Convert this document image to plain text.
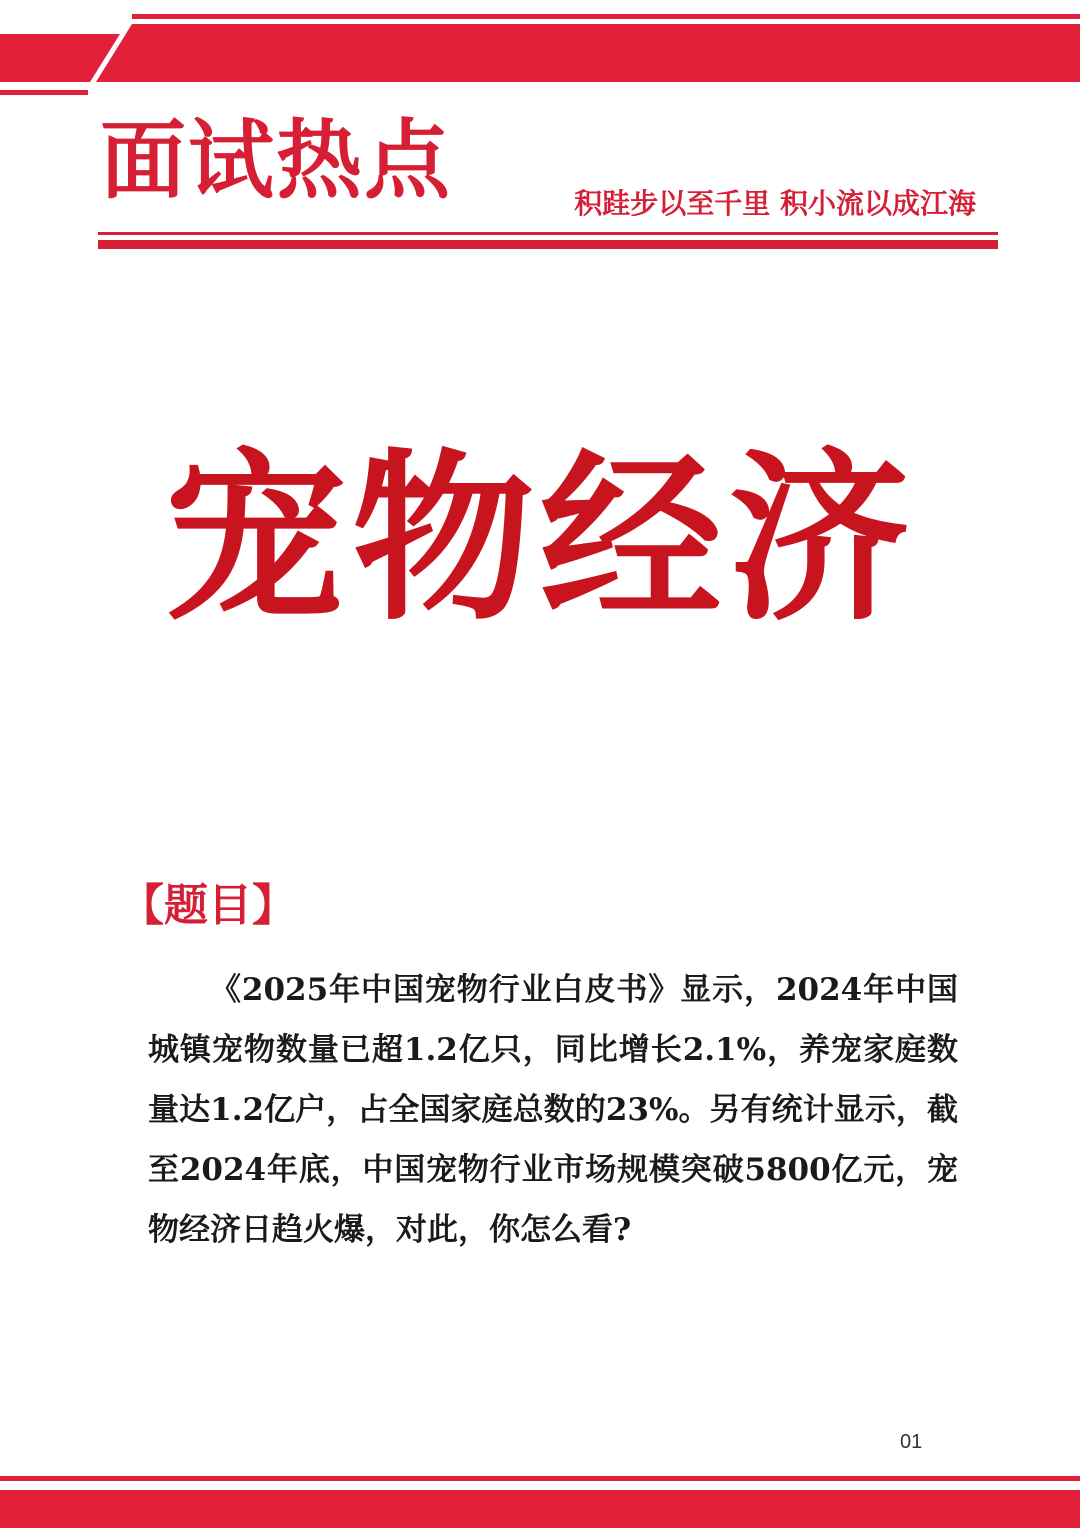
面试热点	积跬步以至千里 积小流以成江海
宠物经济
【题目】

《2025年中国宠物行业白皮书》显示，2024年中国城镇宠物数量已超1.2亿只，同比增长2.1%，养宠家庭数量达1.2亿户，占全国家庭总数的23%。另有统计显示，截至2024年底，中国宠物行业市场规模突破5800亿元，宠物经济日趋火爆，对此，你怎么看?

01
